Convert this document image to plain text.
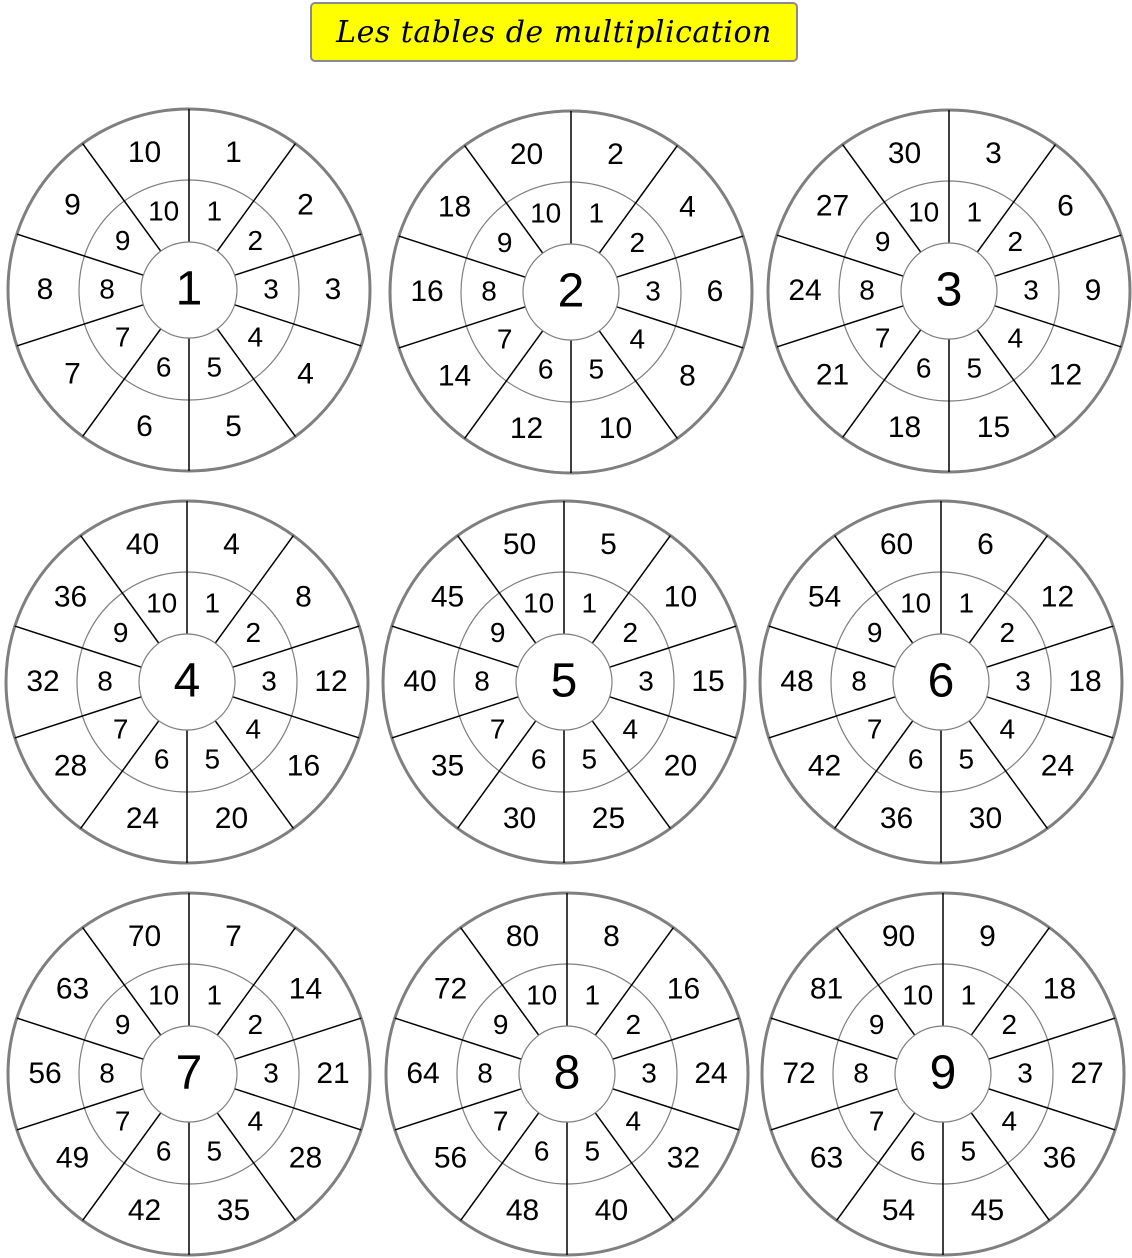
Les tables de multiplication
1
1
1
2
2
3 3
4
4
5
5
6
6
7
7
8
8
9
9 10
10
2
1
2
2
4
3 6
4
8
5
10
6
12
7
14
8
16
9
18 10
20
3
1
3
2
6
3 9
4
12
5
15
6
18
7
21
8
24
9
27 10
30
4
1
4
2
8
3 12
4
16
5
20
6
24
7
28
8
32
9
36 10
40
5
1
5
2
10
3 15
4
20
5
25
6
30
7
35
8
40
9
45 10
50
6
1
6
2
12
3 18
4
24
5
30
6
36
7
42
8
48
9
54 10
60
7
1
7
2
14
3 21
4
28
5
35
6
42
7
49
8
56
9
63 10
70
8
1
8
2
16
3 24
4
32
5
40
6
48
7
56
8
64
9
72 10
80
9
1
9
2
18
3 27
4
36
5
45
6
54
7
63
8
72
9
81 10
90
